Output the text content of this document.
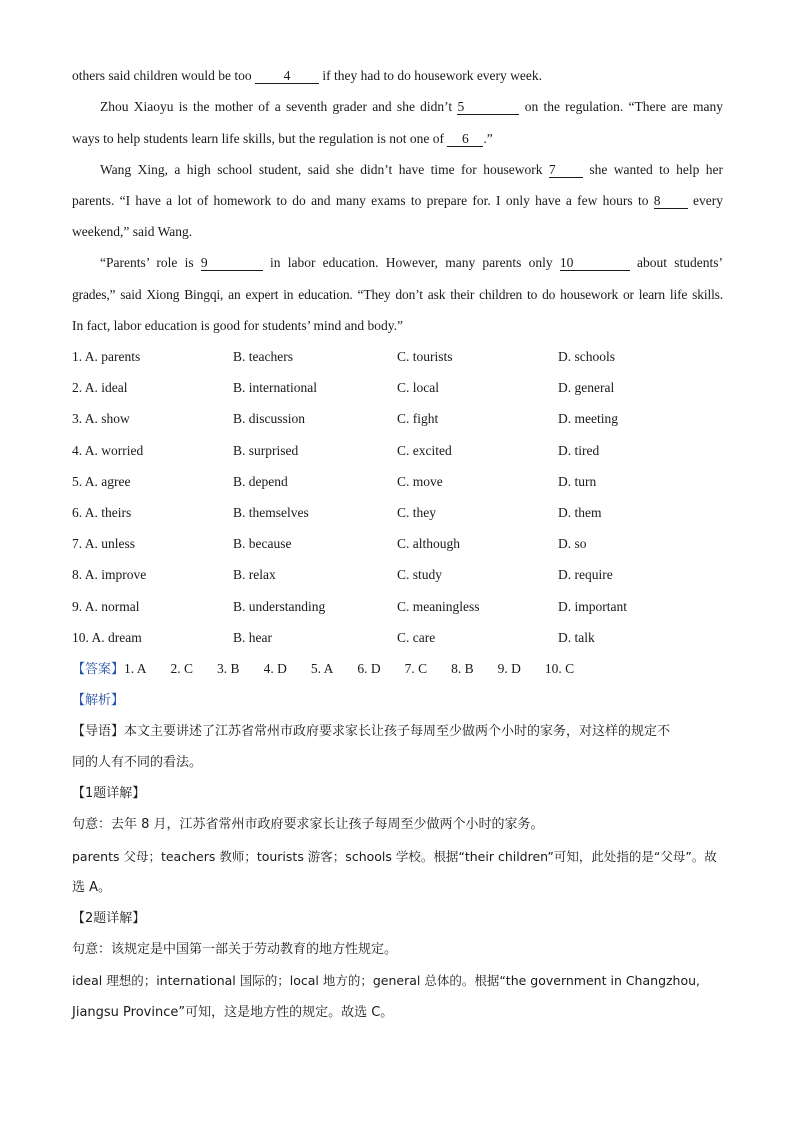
others said children would be too 4 if they had to do housework every week.
Zhou Xiaoyu is the mother of a seventh grader and she didn’t 5	on the regulation. “There are many
ways to help students learn life skills, but the regulation is not one of 6 .”
Wang Xing, a high school student, said she didn’t have time for housework 7 she wanted to help her
parents. “I have a lot of homework to do and many exams to prepare for. I only have a few hours to 8 every
weekend,” said Wang.
“Parents’ role is 9	in labor education. However, many parents only 10	about students’
grades,” said Xiong Bingqi, an expert in education. “They don’t ask their children to do housework or learn life skills.
In fact, labor education is good for students’ mind and body.”
1. A. parents	B. teachers	C. tourists	D. schools
2. A. ideal	B. international	C. local	D. general
3. A. show	B. discussion	C. fight	D. meeting
4. A. worried	B. surprised	C. excited	D. tired
5. A. agree	B. depend	C. move	D. turn
6. A. theirs	B. themselves	C. they	D. them
7. A. unless	B. because	C. although	D. so
8. A. improve	B. relax	C. study	D. require
9. A. normal	B. understanding	C. meaningless	D. important
10. A. dream	B. hear	C. care	D. talk
【答案】1. A 2. C 3. B 4. D 5. A 6. D 7. C 8. B 9. D 10. C
【解析】
【导语】本文主要讲述了江苏省常州市政府要求家长让孩子每周至少做两个小时的家务，对这样的规定不
同的人有不同的看法。
【1题详解】
句意：去年 8 月，江苏省常州市政府要求家长让孩子每周至少做两个小时的家务。
parents 父母；teachers 教师；tourists 游客；schools 学校。根据“their children”可知，此处指的是“父母”。故
选 A。
【2题详解】
句意：该规定是中国第一部关于劳动教育的地方性规定。
ideal 理想的；international 国际的；local 地方的；general 总体的。根据“the government in Changzhou,
Jiangsu Province”可知，这是地方性的规定。故选 C。
